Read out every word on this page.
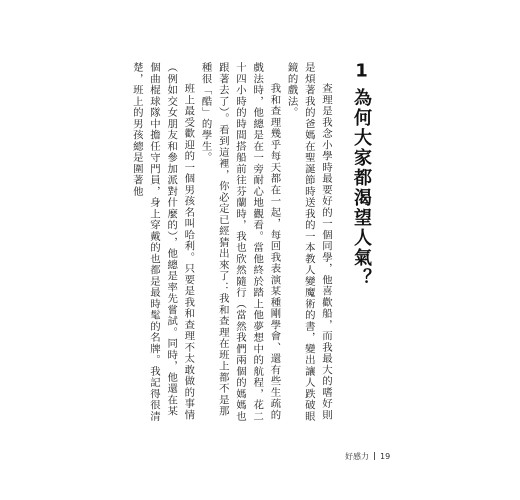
1為何大家都渴望人氣？

查理是我念小學時最要好的一個同學，他喜歡船，而我最大的嗜好則是煩著我的爸媽在聖誕節時送我的一本教人變魔術的書，變出讓人跌破眼鏡的戲法。

我和查理幾乎每天都在一起，每回我表演某種剛學會、還有些生疏的戲法時，他總是在一旁耐心地觀看。當他終於踏上他夢想中的航程，花二十四小時的時間搭船前往芬蘭時，我也欣然隨行（當然我們兩個的媽媽也跟著去了）。看到這裡，你必定已經猜出來了：我和查理在班上都不是那種很「酷」的學生。

班上最受歡迎的一個男孩名叫哈利。只要是我和查理不太敢做的事情（例如交女朋友和參加派對什麼的），他總是率先嘗試。同時，他還在某個曲棍球隊中擔任守門員，身上穿戴的也都是最時髦的名牌。我記得很清楚，班上的男孩總是圍著他

好感力 19
